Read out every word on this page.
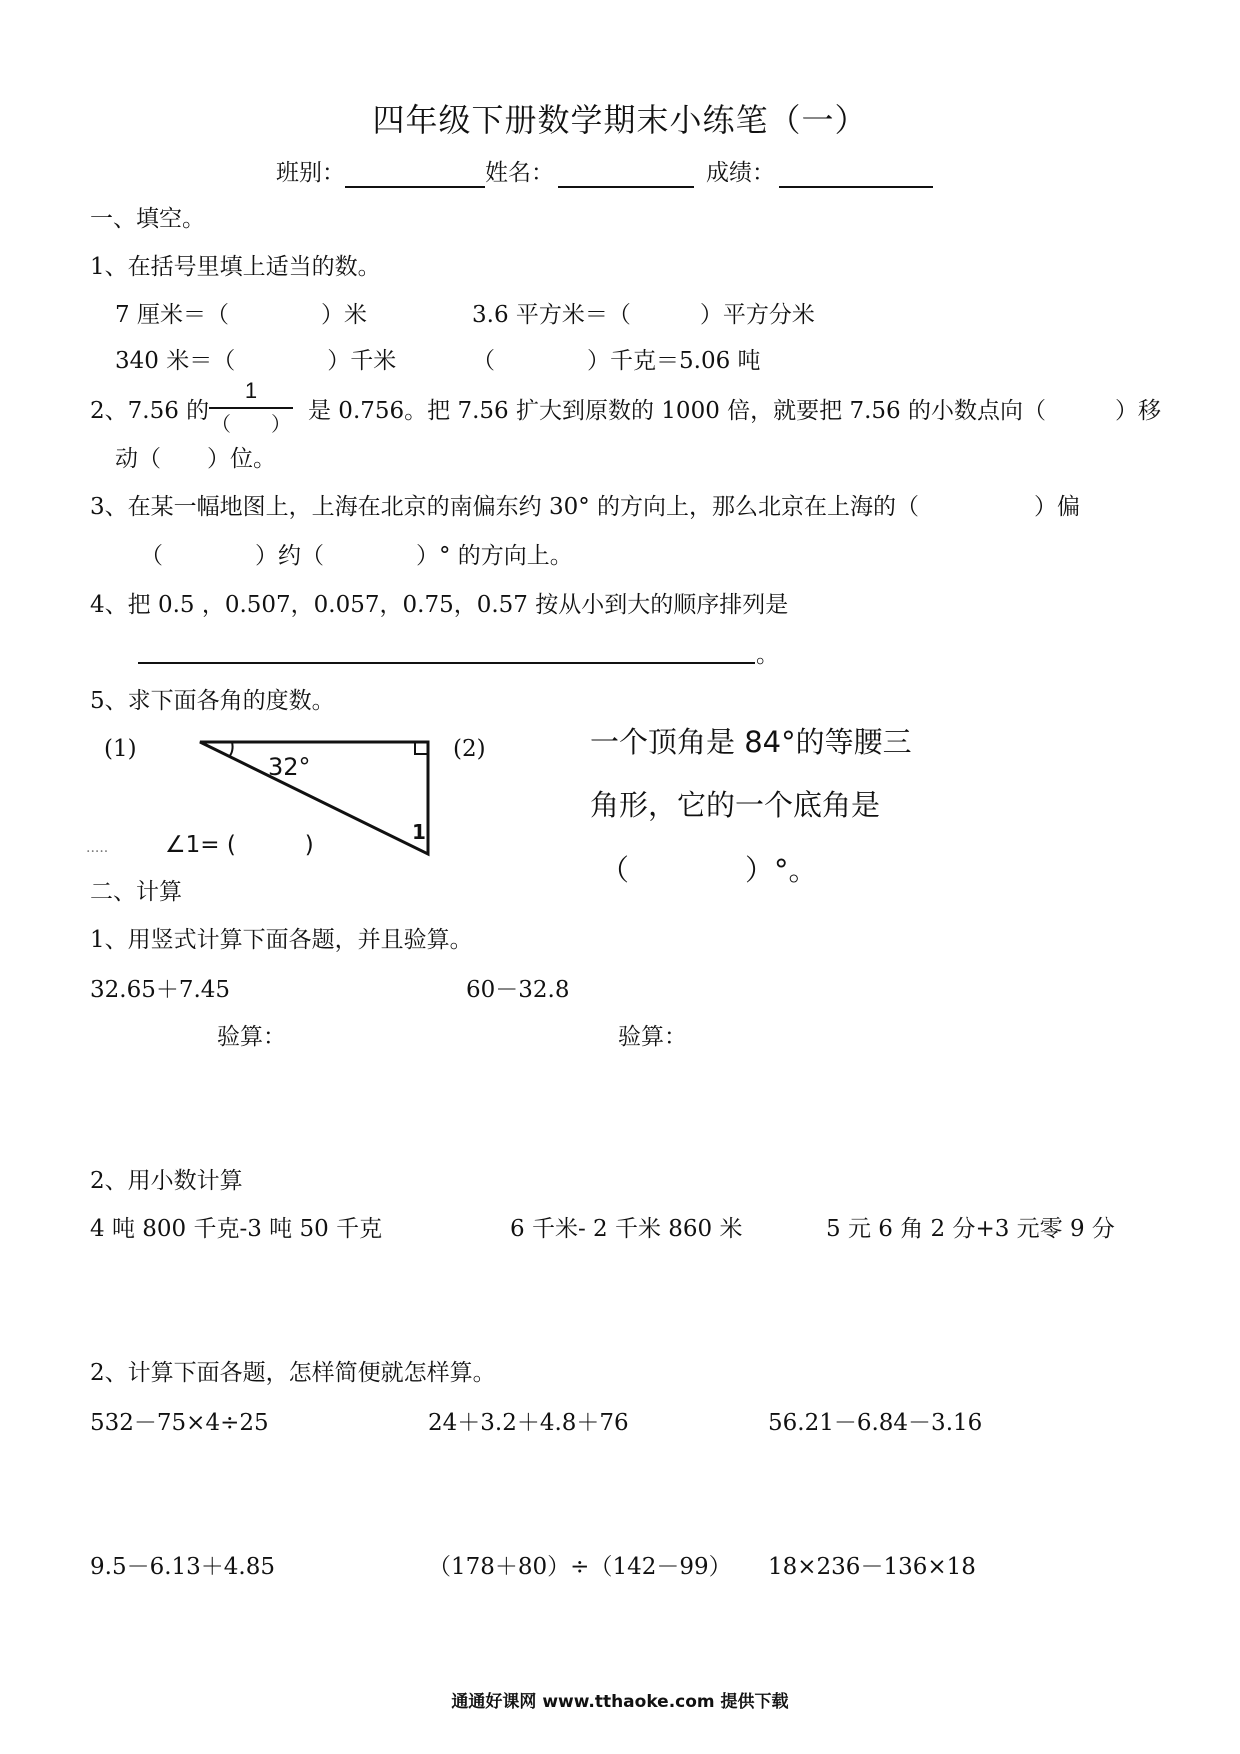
四年级下册数学期末小练笔（一）
班别：	姓名：	成绩：
一、填空。
1、在括号里填上适当的数。
7 厘米＝（　　　　）米	3.6 平方米＝（　　　）平方分米
340 米＝（　　　　）千米	（　　　　）千克＝5.06 吨
2、7.56 的
1
（　　） 是 0.756。把 7.56 扩大到原数的 1000 倍，就要把 7.56 的小数点向（　　　）移
动（　　）位。
3、在某一幅地图上，上海在北京的南偏东约 30° 的方向上，那么北京在上海的（　　　　　）偏
（　　　　）约（　　　　）° 的方向上。
4、把 0.5 ，0.507，0.057，0.75，0.57 按从小到大的顺序排列是
。
5、求下面各角的度数。
(1)
32°
1
(2)
..... ∠1= (　　　)
一个顶角是 84°的等腰三
角形，它的一个底角是
（　　　　）°。
二、计算
1、用竖式计算下面各题，并且验算。
32.65＋7.45	60－32.8
验算：	验算：
2、用小数计算
4 吨 800 千克-3 吨 50 千克	6 千米- 2 千米 860 米	5 元 6 角 2 分+3 元零 9 分
2、计算下面各题，怎样简便就怎样算。
532－75×4÷25	24＋3.2＋4.8＋76	56.21－6.84－3.16
9.5－6.13＋4.85	（178＋80）÷（142－99） 18×236－136×18
通通好课网 www.tthaoke.com 提供下载
